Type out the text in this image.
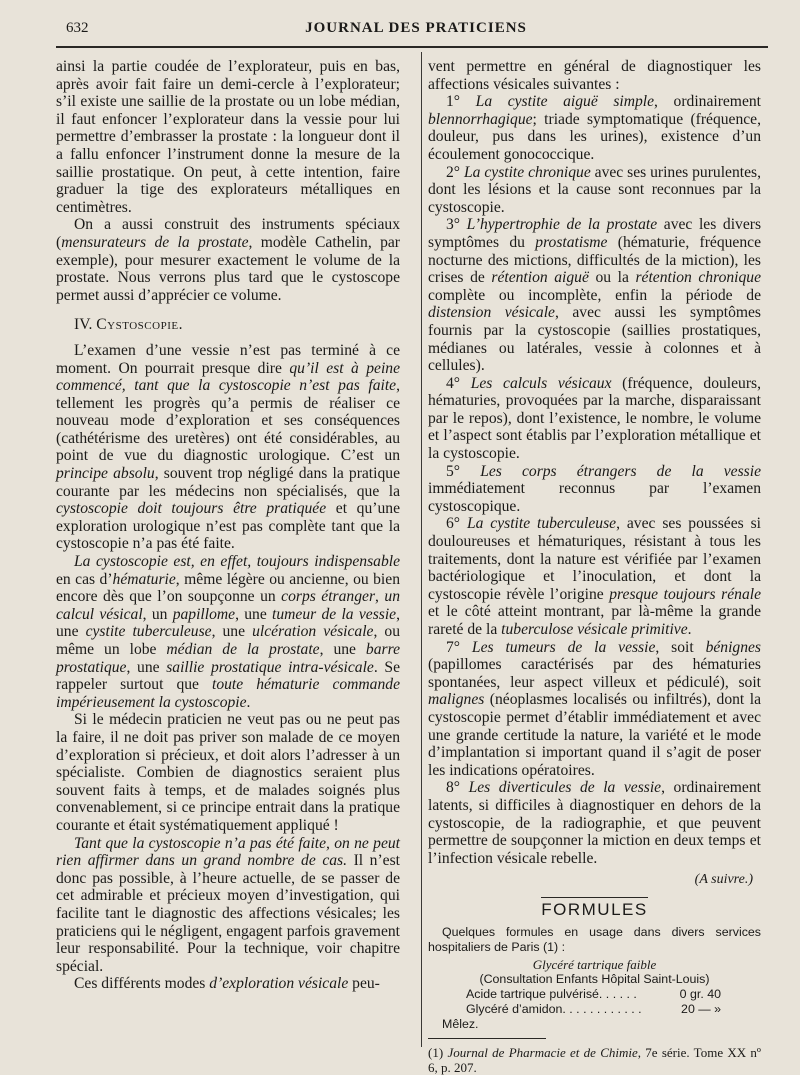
632	JOURNAL DES PRATICIENS

ainsi la partie coudée de l’explorateur, puis en bas, après avoir fait faire un demi-cercle à l’explorateur; s’il existe une saillie de la prostate ou un lobe médian, il faut enfoncer l’explorateur dans la vessie pour lui permettre d’embrasser la prostate : la longueur dont il a fallu enfoncer l’instrument donne la mesure de la saillie prostatique. On peut, à cette intention, faire graduer la tige des explorateurs métalliques en centimètres.

On a aussi construit des instruments spéciaux (mensurateurs de la prostate, modèle Cathelin, par exemple), pour mesurer exactement le volume de la prostate. Nous verrons plus tard que le cystoscope permet aussi d’apprécier ce volume.

IV. Cystoscopie.

L’examen d’une vessie n’est pas terminé à ce moment. On pourrait presque dire qu’il est à peine commencé, tant que la cystoscopie n’est pas faite, tellement les progrès qu’a permis de réaliser ce nouveau mode d’exploration et ses conséquences (cathétérisme des uretères) ont été considérables, au point de vue du diagnostic urologique. C’est un principe absolu, souvent trop négligé dans la pratique courante par les médecins non spécialisés, que la cystoscopie doit toujours être pratiquée et qu’une exploration urologique n’est pas complète tant que la cystoscopie n’a pas été faite.

La cystoscopie est, en effet, toujours indispensable en cas d’hématurie, même légère ou ancienne, ou bien encore dès que l’on soupçonne un corps étranger, un calcul vésical, un papillome, une tumeur de la vessie, une cystite tuberculeuse, une ulcération vésicale, ou même un lobe médian de la prostate, une barre prostatique, une saillie prostatique intra-vésicale. Se rappeler surtout que toute hématurie commande impérieusement la cystoscopie.

Si le médecin praticien ne veut pas ou ne peut pas la faire, il ne doit pas priver son malade de ce moyen d’exploration si précieux, et doit alors l’adresser à un spécialiste. Combien de diagnostics seraient plus souvent faits à temps, et de malades soignés plus convenablement, si ce principe entrait dans la pratique courante et était systématiquement appliqué !

Tant que la cystoscopie n’a pas été faite, on ne peut rien affirmer dans un grand nombre de cas. Il n’est donc pas possible, à l’heure actuelle, de se passer de cet admirable et précieux moyen d’investigation, qui facilite tant le diagnostic des affections vésicales; les praticiens qui le négligent, engagent parfois gravement leur responsabilité. Pour la technique, voir chapitre spécial.

Ces différents modes d’exploration vésicale peu-

vent permettre en général de diagnostiquer les affections vésicales suivantes :

1° La cystite aiguë simple, ordinairement blennorrhagique; triade symptomatique (fréquence, douleur, pus dans les urines), existence d’un écoulement gonococcique.

2° La cystite chronique avec ses urines purulentes, dont les lésions et la cause sont reconnues par la cystoscopie.

3° L’hypertrophie de la prostate avec les divers symptômes du prostatisme (hématurie, fréquence nocturne des mictions, difficultés de la miction), les crises de rétention aiguë ou la rétention chronique complète ou incomplète, enfin la période de distension vésicale, avec aussi les symptômes fournis par la cystoscopie (saillies prostatiques, médianes ou latérales, vessie à colonnes et à cellules).

4° Les calculs vésicaux (fréquence, douleurs, hématuries, provoquées par la marche, disparaissant par le repos), dont l’existence, le nombre, le volume et l’aspect sont établis par l’exploration métallique et la cystoscopie.

5° Les corps étrangers de la vessie immédiatement reconnus par l’examen cystoscopique.

6° La cystite tuberculeuse, avec ses poussées si douloureuses et hématuriques, résistant à tous les traitements, dont la nature est vérifiée par l’examen bactériologique et l’inoculation, et dont la cystoscopie révèle l’origine presque toujours rénale et le côté atteint montrant, par là-même la grande rareté de la tuberculose vésicale primitive.

7° Les tumeurs de la vessie, soit bénignes (papillomes caractérisés par des hématuries spontanées, leur aspect villeux et pédiculé), soit malignes (néoplasmes localisés ou infiltrés), dont la cystoscopie permet d’établir immédiatement et avec une grande certitude la nature, la variété et le mode d’implantation si important quand il s’agit de poser les indications opératoires.

8° Les diverticules de la vessie, ordinairement latents, si difficiles à diagnostiquer en dehors de la cystoscopie, de la radiographie, et que peuvent permettre de soupçonner la miction en deux temps et l’infection vésicale rebelle.

(A suivre.)
FORMULES
Quelques formules en usage dans divers services hospitaliers de Paris (1) :
Glycéré tartrique faible
(Consultation Enfants Hôpital Saint-Louis)
Acide tartrique pulvérisé. . . . . .	0 gr. 40
Glycéré d’amidon. . . . . . . . . . . .	20 — »
Mêlez.

(1) Journal de Pharmacie et de Chimie, 7e série. Tome XX nº 6, p. 207.
